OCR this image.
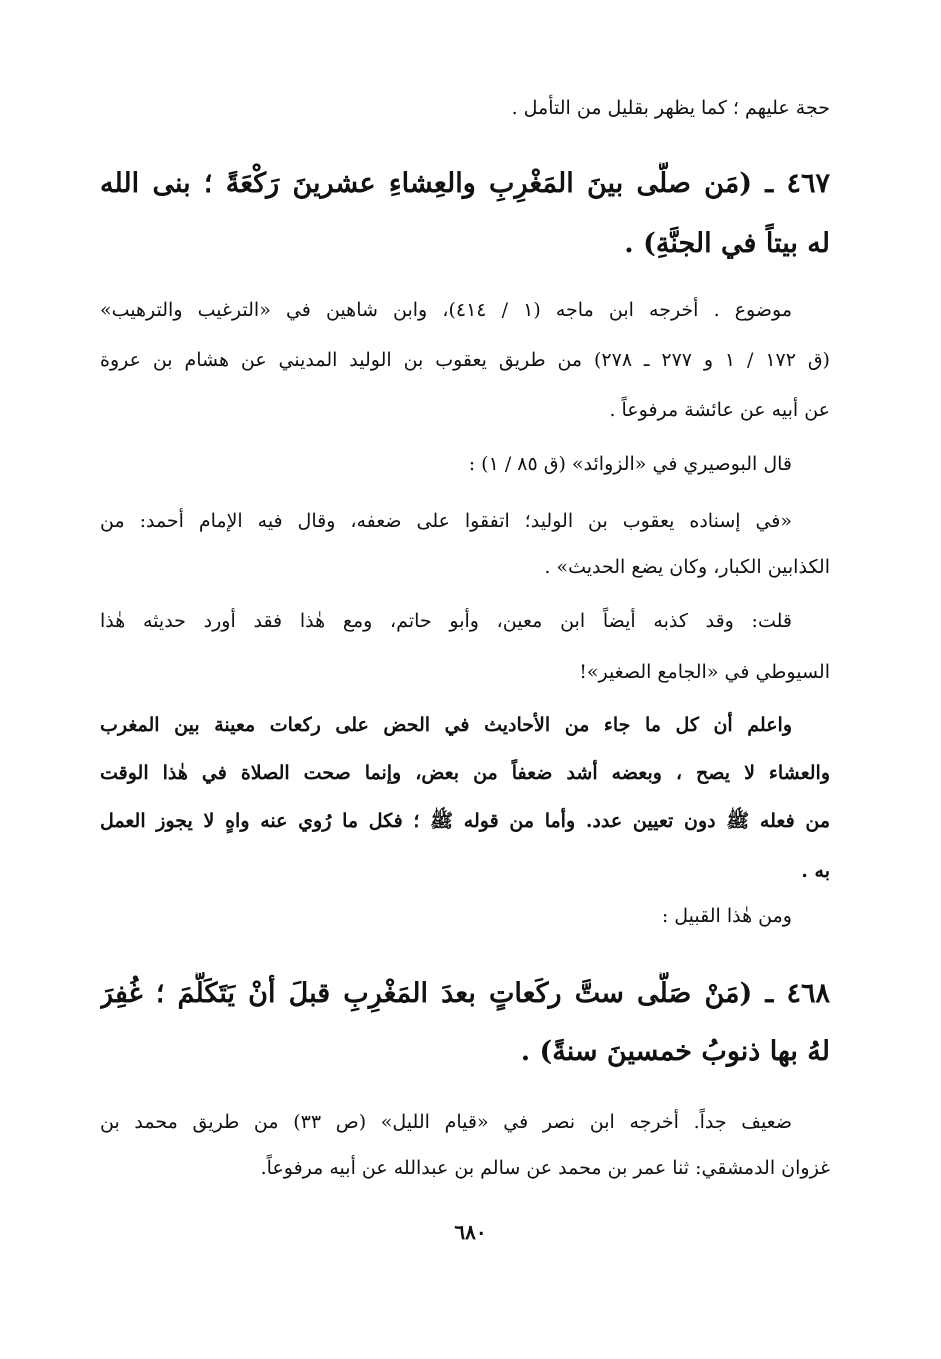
حجة عليهم ؛ كما يظهر بقليل من التأمل .
٤٦٧ ـ (مَن صلَّى بينَ المَغْرِبِ والعِشاءِ عشرينَ رَكْعَةً ؛ بنى الله
له بيتاً في الجنَّةِ) .
موضوع . أخرجه ابن ماجه (١ / ٤١٤)، وابن شاهين في «الترغيب والترهيب»
(ق ١٧٢ / ١ و ٢٧٧ ـ ٢٧٨) من طريق يعقوب بن الوليد المديني عن هشام بن عروة
عن أبيه عن عائشة مرفوعاً .
قال البوصيري في «الزوائد» (ق ٨٥ / ١) :
«في إسناده يعقوب بن الوليد؛ اتفقوا على ضعفه، وقال فيه الإمام أحمد: من
الكذابين الكبار، وكان يضع الحديث» .
قلت: وقد كذبه أيضاً ابن معين، وأبو حاتم، ومع هٰذا فقد أورد حديثه هٰذا
السيوطي في «الجامع الصغير»!
واعلم أن كل ما جاء من الأحاديث في الحض على ركعات معينة بين المغرب
والعشاء لا يصح ، وبعضه أشد ضعفاً من بعض، وإنما صحت الصلاة في هٰذا الوقت
من فعله ﷺ دون تعيين عدد. وأما من قوله ﷺ ؛ فكل ما رُوي عنه واهٍ لا يجوز العمل
به .
ومن هٰذا القبيل :
٤٦٨ ـ (مَنْ صَلَّى ستَّ ركَعاتٍ بعدَ المَغْرِبِ قبلَ أنْ يَتَكَلَّمَ ؛ غُفِرَ
لهُ بها ذنوبُ خمسينَ سنةً) .
ضعيف جداً. أخرجه ابن نصر في «قيام الليل» (ص ٣٣) من طريق محمد بن
غزوان الدمشقي: ثنا عمر بن محمد عن سالم بن عبدالله عن أبيه مرفوعاً.
٦٨٠
